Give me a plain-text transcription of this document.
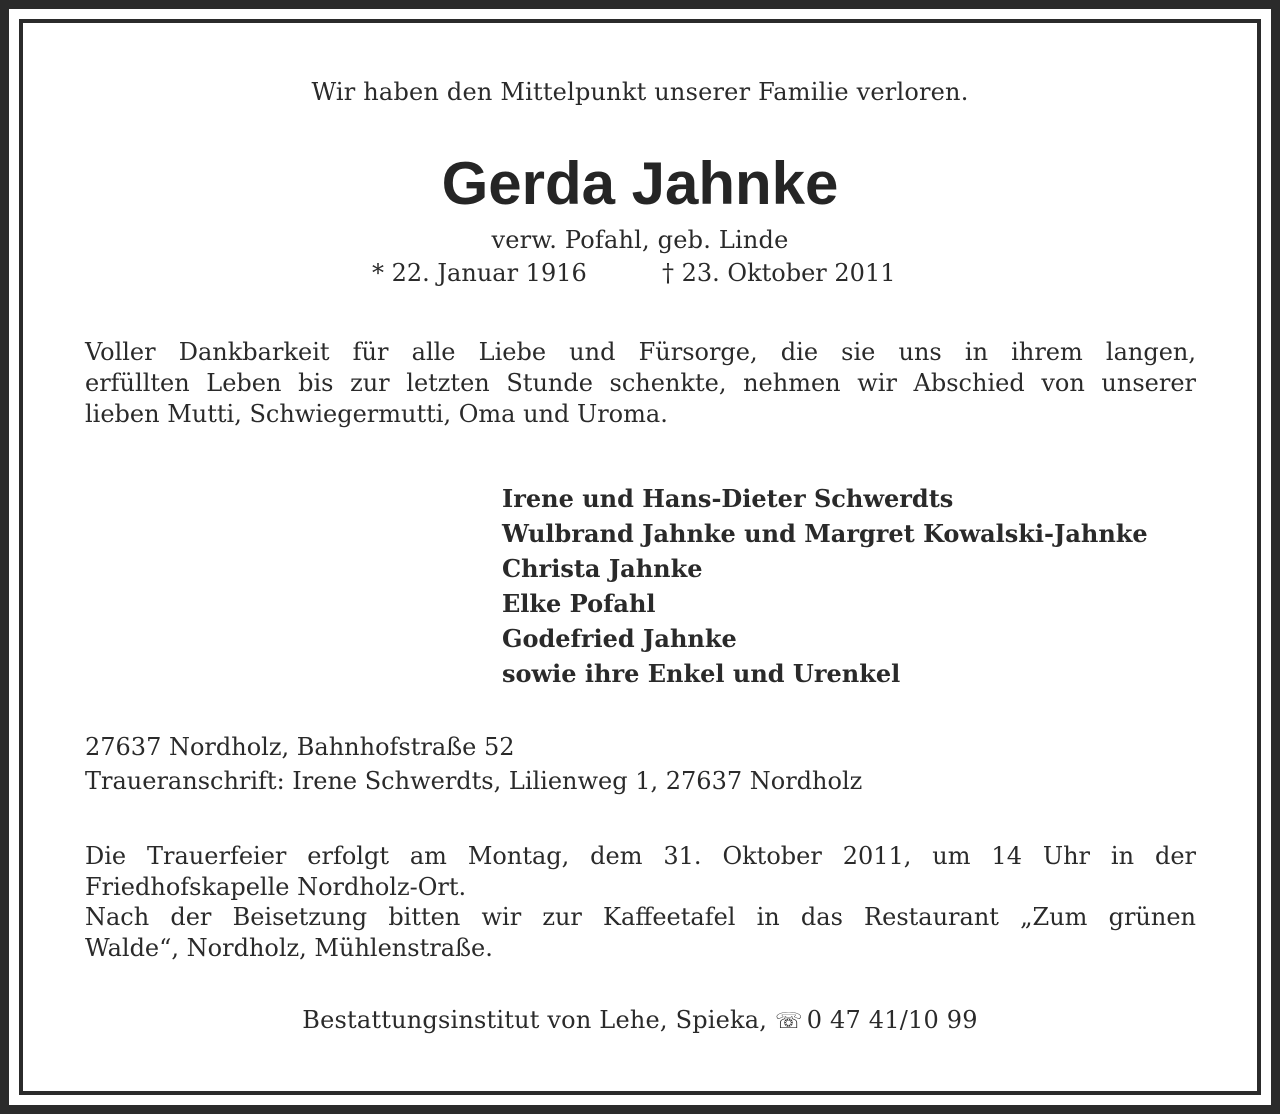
Wir haben den Mittelpunkt unserer Familie verloren.
Gerda Jahnke
verw. Pofahl, geb. Linde
* 22. Januar 1916	† 23. Oktober 2011
Voller Dankbarkeit für alle Liebe und Fürsorge, die sie uns in ihrem langen,
erfüllten Leben bis zur letzten Stunde schenkte, nehmen wir Abschied von unserer
lieben Mutti, Schwiegermutti, Oma und Uroma.
Irene und Hans-Dieter Schwerdts
Wulbrand Jahnke und Margret Kowalski-Jahnke
Christa Jahnke
Elke Pofahl
Godefried Jahnke
sowie ihre Enkel und Urenkel
27637 Nordholz, Bahnhofstraße 52
Traueranschrift: Irene Schwerdts, Lilienweg 1, 27637 Nordholz
Die Trauerfeier erfolgt am Montag, dem 31. Oktober 2011, um 14 Uhr in der
Friedhofskapelle Nordholz-Ort.
Nach der Beisetzung bitten wir zur Kaffeetafel in das Restaurant „Zum grünen
Walde“, Nordholz, Mühlenstraße.
Bestattungsinstitut von Lehe, Spieka, ☏ 0 47 41/10 99
